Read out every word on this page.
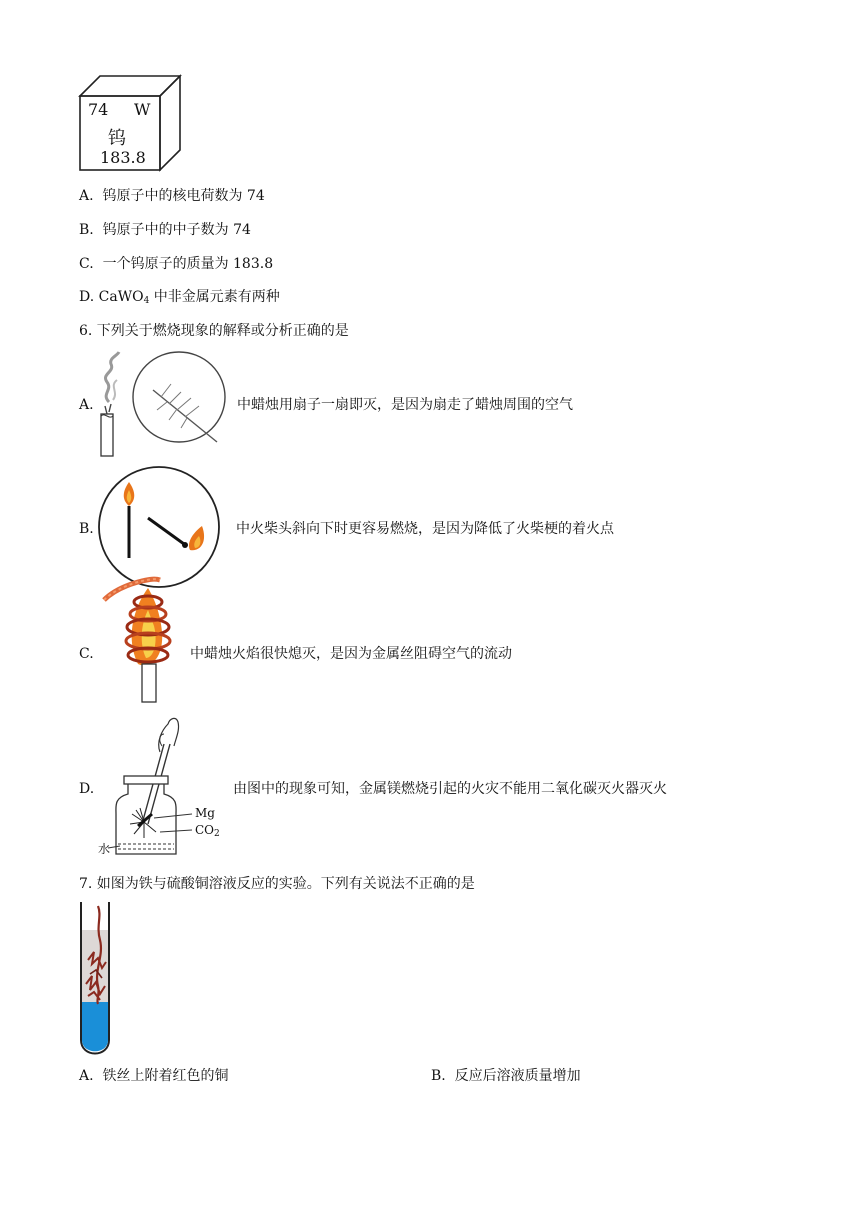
74 W
钨
183.8
A. 钨原子中的核电荷数为 74
B. 钨原子中的中子数为 74
C. 一个钨原子的质量为 183.8
D. CaWO$_4$ 中非金属元素有两种
6. 下列关于燃烧现象的解释或分析正确的是
A.	中蜡烛用扇子一扇即灭，是因为扇走了蜡烛周围的空气
B.	中火柴头斜向下时更容易燃烧，是因为降低了火柴梗的着火点
C.	中蜡烛火焰很快熄灭，是因为金属丝阻碍空气的流动
D.
Mg
$CO_2$
水
由图中的现象可知，金属镁燃烧引起的火灾不能用二氧化碳灭火器灭火
7. 如图为铁与硫酸铜溶液反应的实验。下列有关说法不正确的是
A. 铁丝上附着红色的铜	B. 反应后溶液质量增加
